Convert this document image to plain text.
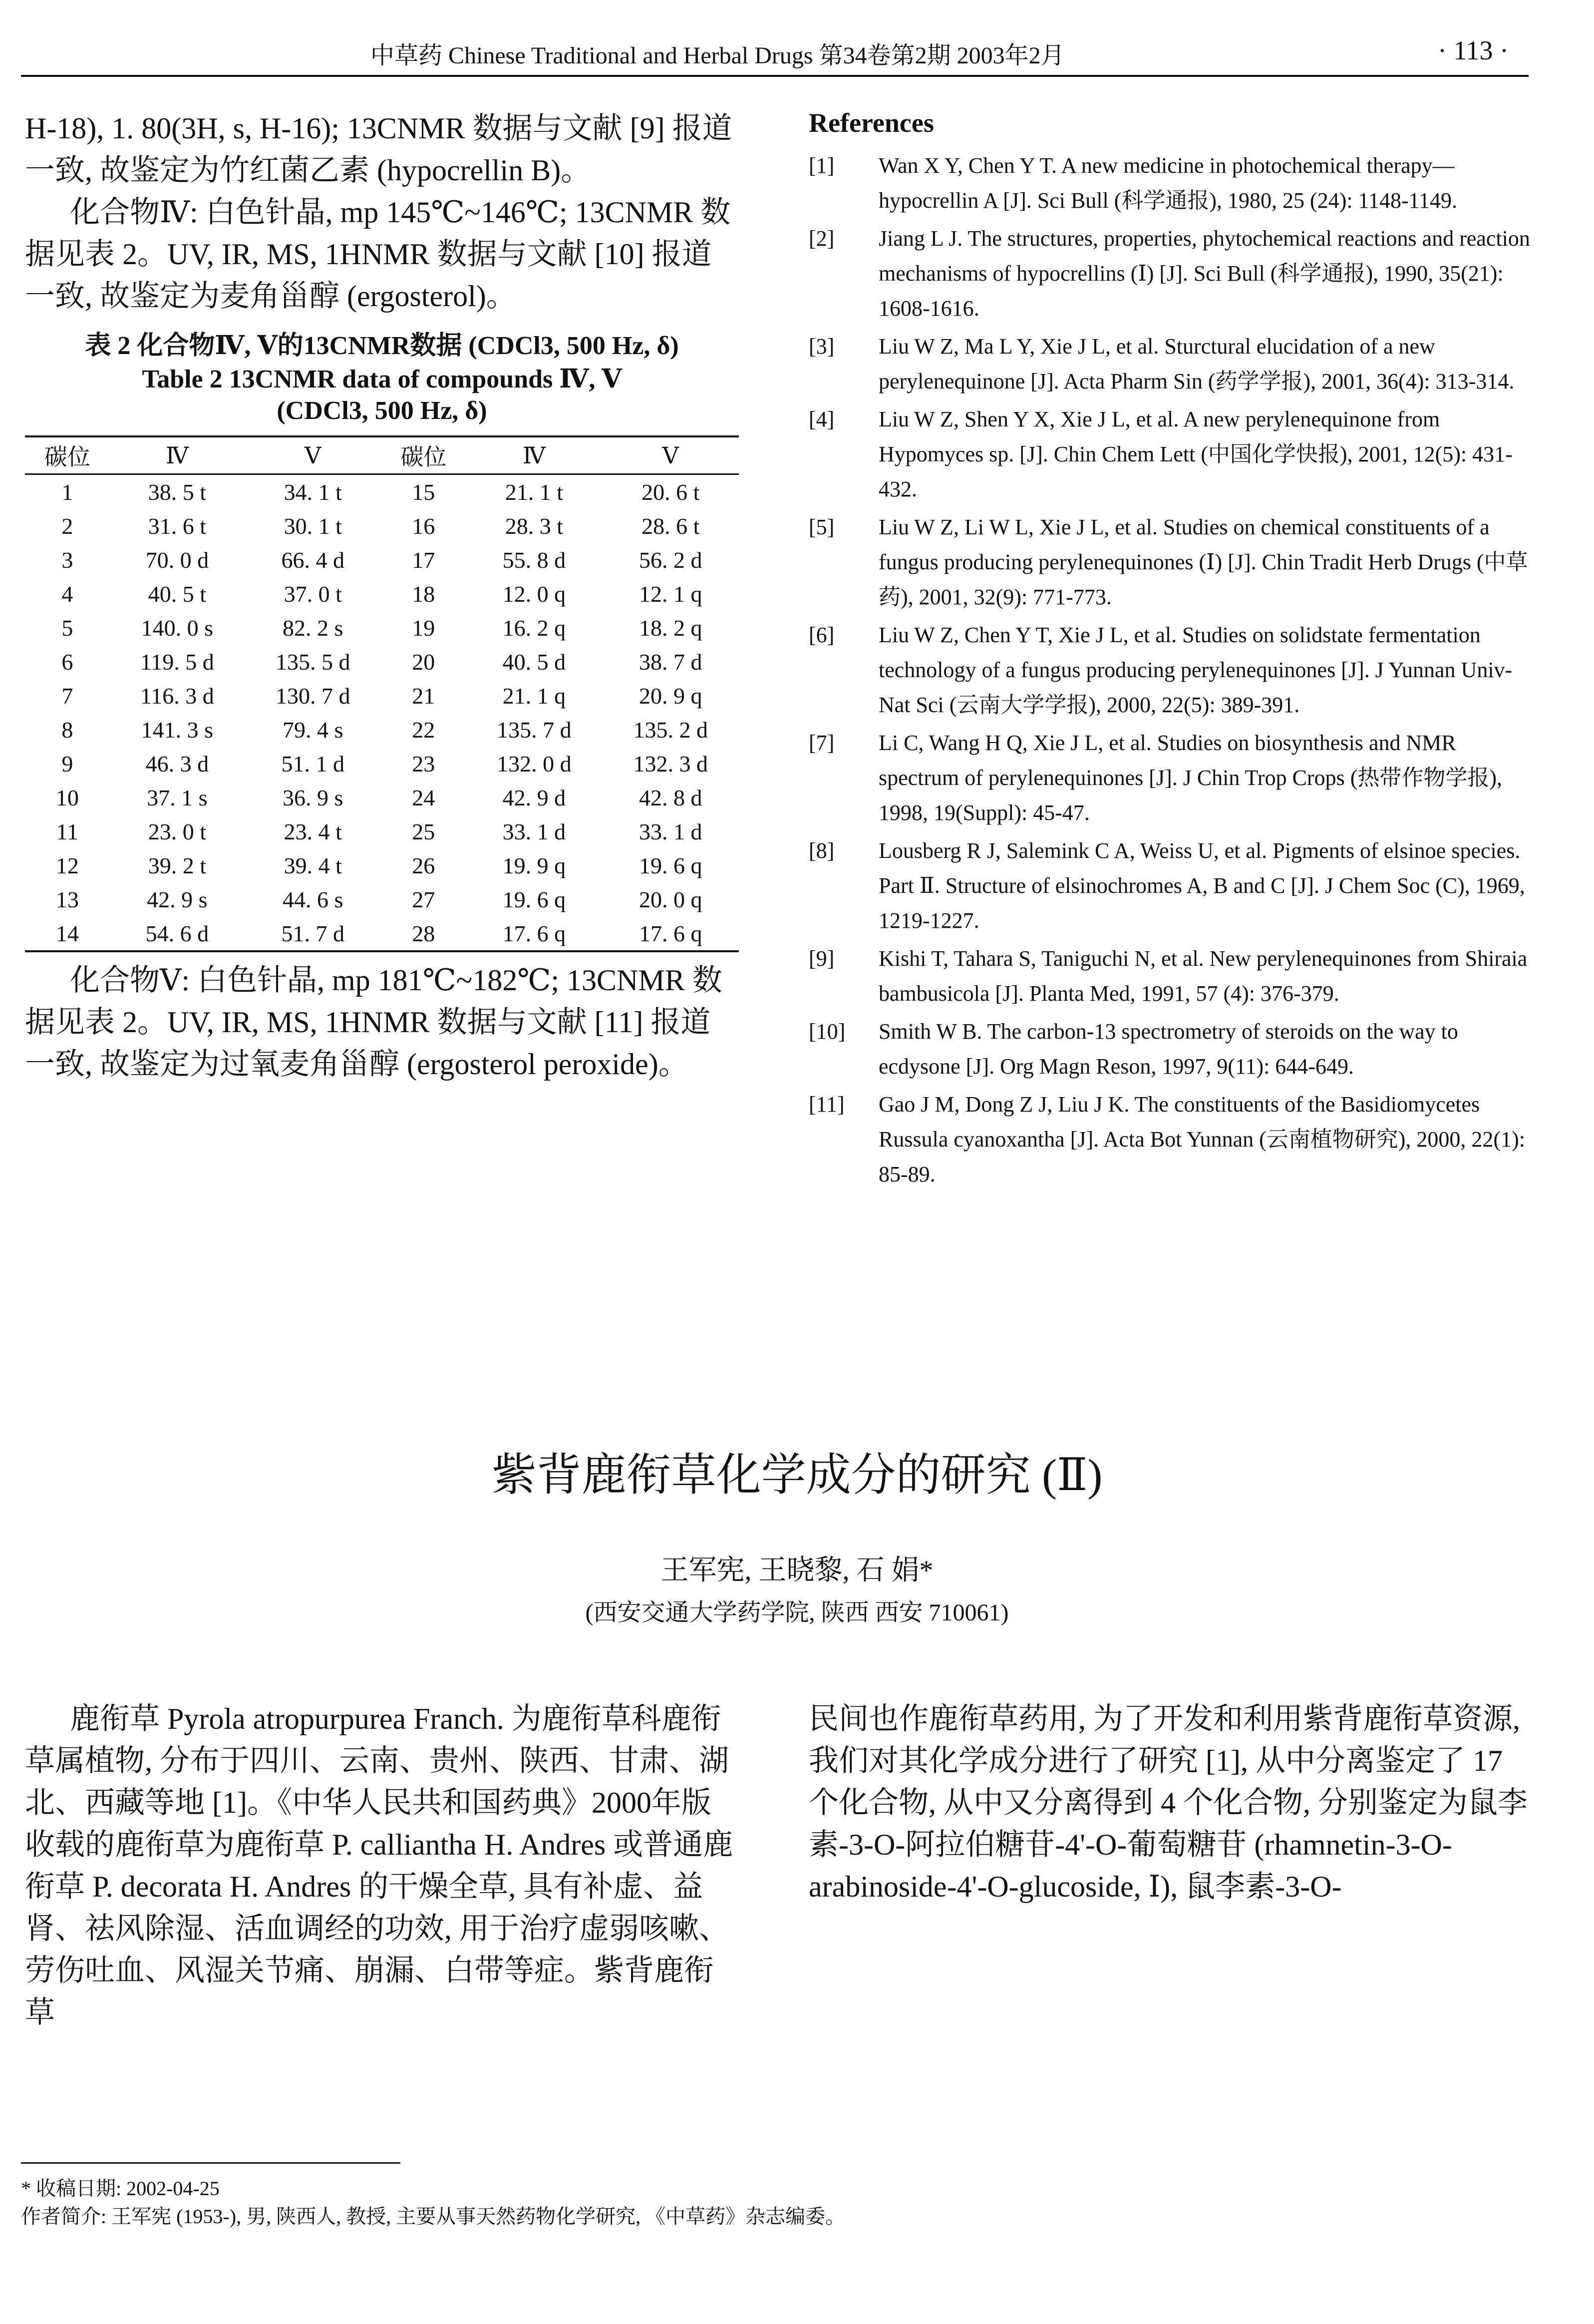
中草药 Chinese Traditional and Herbal Drugs 第34卷第2期 2003年2月	· 113 ·

H-18), 1. 80(3H, s, H-16); 13CNMR 数据与文献 [9] 报道一致, 故鉴定为竹红菌乙素 (hypocrellin B)。

化合物Ⅳ: 白色针晶, mp 145℃~146℃; 13CNMR 数据见表 2。UV, IR, MS, 1HNMR 数据与文献 [10] 报道一致, 故鉴定为麦角甾醇 (ergosterol)。

表 2 化合物Ⅳ, Ⅴ的13CNMR数据 (CDCl3, 500 Hz, δ)

Table 2 13CNMR data of compounds Ⅳ, Ⅴ

(CDCl3, 500 Hz, δ)

碳位	Ⅳ	Ⅴ	碳位	Ⅳ	Ⅴ
1	38. 5 t	34. 1 t	15	21. 1 t	20. 6 t
2	31. 6 t	30. 1 t	16	28. 3 t	28. 6 t
3	70. 0 d	66. 4 d	17	55. 8 d	56. 2 d
4	40. 5 t	37. 0 t	18	12. 0 q	12. 1 q
5	140. 0 s	82. 2 s	19	16. 2 q	18. 2 q
6	119. 5 d	135. 5 d	20	40. 5 d	38. 7 d
7	116. 3 d	130. 7 d	21	21. 1 q	20. 9 q
8	141. 3 s	79. 4 s	22	135. 7 d	135. 2 d
9	46. 3 d	51. 1 d	23	132. 0 d	132. 3 d
10	37. 1 s	36. 9 s	24	42. 9 d	42. 8 d
11	23. 0 t	23. 4 t	25	33. 1 d	33. 1 d
12	39. 2 t	39. 4 t	26	19. 9 q	19. 6 q
13	42. 9 s	44. 6 s	27	19. 6 q	20. 0 q
14	54. 6 d	51. 7 d	28	17. 6 q	17. 6 q

化合物Ⅴ: 白色针晶, mp 181℃~182℃; 13CNMR 数据见表 2。UV, IR, MS, 1HNMR 数据与文献 [11] 报道一致, 故鉴定为过氧麦角甾醇 (ergosterol peroxide)。

References

[1]	Wan X Y, Chen Y T. A new medicine in photochemical therapy— hypocrellin A [J]. Sci Bull (科学通报), 1980, 25 (24): 1148-1149.
[2]	Jiang L J. The structures, properties, phytochemical reactions and reaction mechanisms of hypocrellins (Ⅰ) [J]. Sci Bull (科学通报), 1990, 35(21): 1608-1616.
[3]	Liu W Z, Ma L Y, Xie J L, et al. Sturctural elucidation of a new perylenequinone [J]. Acta Pharm Sin (药学学报), 2001, 36(4): 313-314.
[4]	Liu W Z, Shen Y X, Xie J L, et al. A new perylenequinone from Hypomyces sp. [J]. Chin Chem Lett (中国化学快报), 2001, 12(5): 431-432.
[5]	Liu W Z, Li W L, Xie J L, et al. Studies on chemical constituents of a fungus producing perylenequinones (Ⅰ) [J]. Chin Tradit Herb Drugs (中草药), 2001, 32(9): 771-773.
[6]	Liu W Z, Chen Y T, Xie J L, et al. Studies on solidstate fermentation technology of a fungus producing perylenequinones [J]. J Yunnan Univ- Nat Sci (云南大学学报), 2000, 22(5): 389-391.
[7]	Li C, Wang H Q, Xie J L, et al. Studies on biosynthesis and NMR spectrum of perylenequinones [J]. J Chin Trop Crops (热带作物学报), 1998, 19(Suppl): 45-47.
[8]	Lousberg R J, Salemink C A, Weiss U, et al. Pigments of elsinoe species. Part Ⅱ. Structure of elsinochromes A, B and C [J]. J Chem Soc (C), 1969, 1219-1227.
[9]	Kishi T, Tahara S, Taniguchi N, et al. New perylenequinones from Shiraia bambusicola [J]. Planta Med, 1991, 57 (4): 376-379.
[10]	Smith W B. The carbon-13 spectrometry of steroids on the way to ecdysone [J]. Org Magn Reson, 1997, 9(11): 644-649.
[11]	Gao J M, Dong Z J, Liu J K. The constituents of the Basidiomycetes Russula cyanoxantha [J]. Acta Bot Yunnan (云南植物研究), 2000, 22(1): 85-89.

紫背鹿衔草化学成分的研究 (Ⅱ)

王军宪, 王晓黎, 石 娟*

(西安交通大学药学院, 陕西 西安 710061)

鹿衔草 Pyrola atropurpurea Franch. 为鹿衔草科鹿衔草属植物, 分布于四川、云南、贵州、陕西、甘肃、湖北、西藏等地 [1]。《中华人民共和国药典》2000年版收载的鹿衔草为鹿衔草 P. calliantha H. Andres 或普通鹿衔草 P. decorata H. Andres 的干燥全草, 具有补虚、益肾、祛风除湿、活血调经的功效, 用于治疗虚弱咳嗽、劳伤吐血、风湿关节痛、崩漏、白带等症。紫背鹿衔草

民间也作鹿衔草药用, 为了开发和利用紫背鹿衔草资源, 我们对其化学成分进行了研究 [1], 从中分离鉴定了 17 个化合物, 从中又分离得到 4 个化合物, 分别鉴定为鼠李素-3-O-阿拉伯糖苷-4'-O-葡萄糖苷 (rhamnetin-3-O-arabinoside-4'-O-glucoside, Ⅰ), 鼠李素-3-O-

* 收稿日期: 2002-04-25
作者简介: 王军宪 (1953-), 男, 陕西人, 教授, 主要从事天然药物化学研究, 《中草药》杂志编委。
